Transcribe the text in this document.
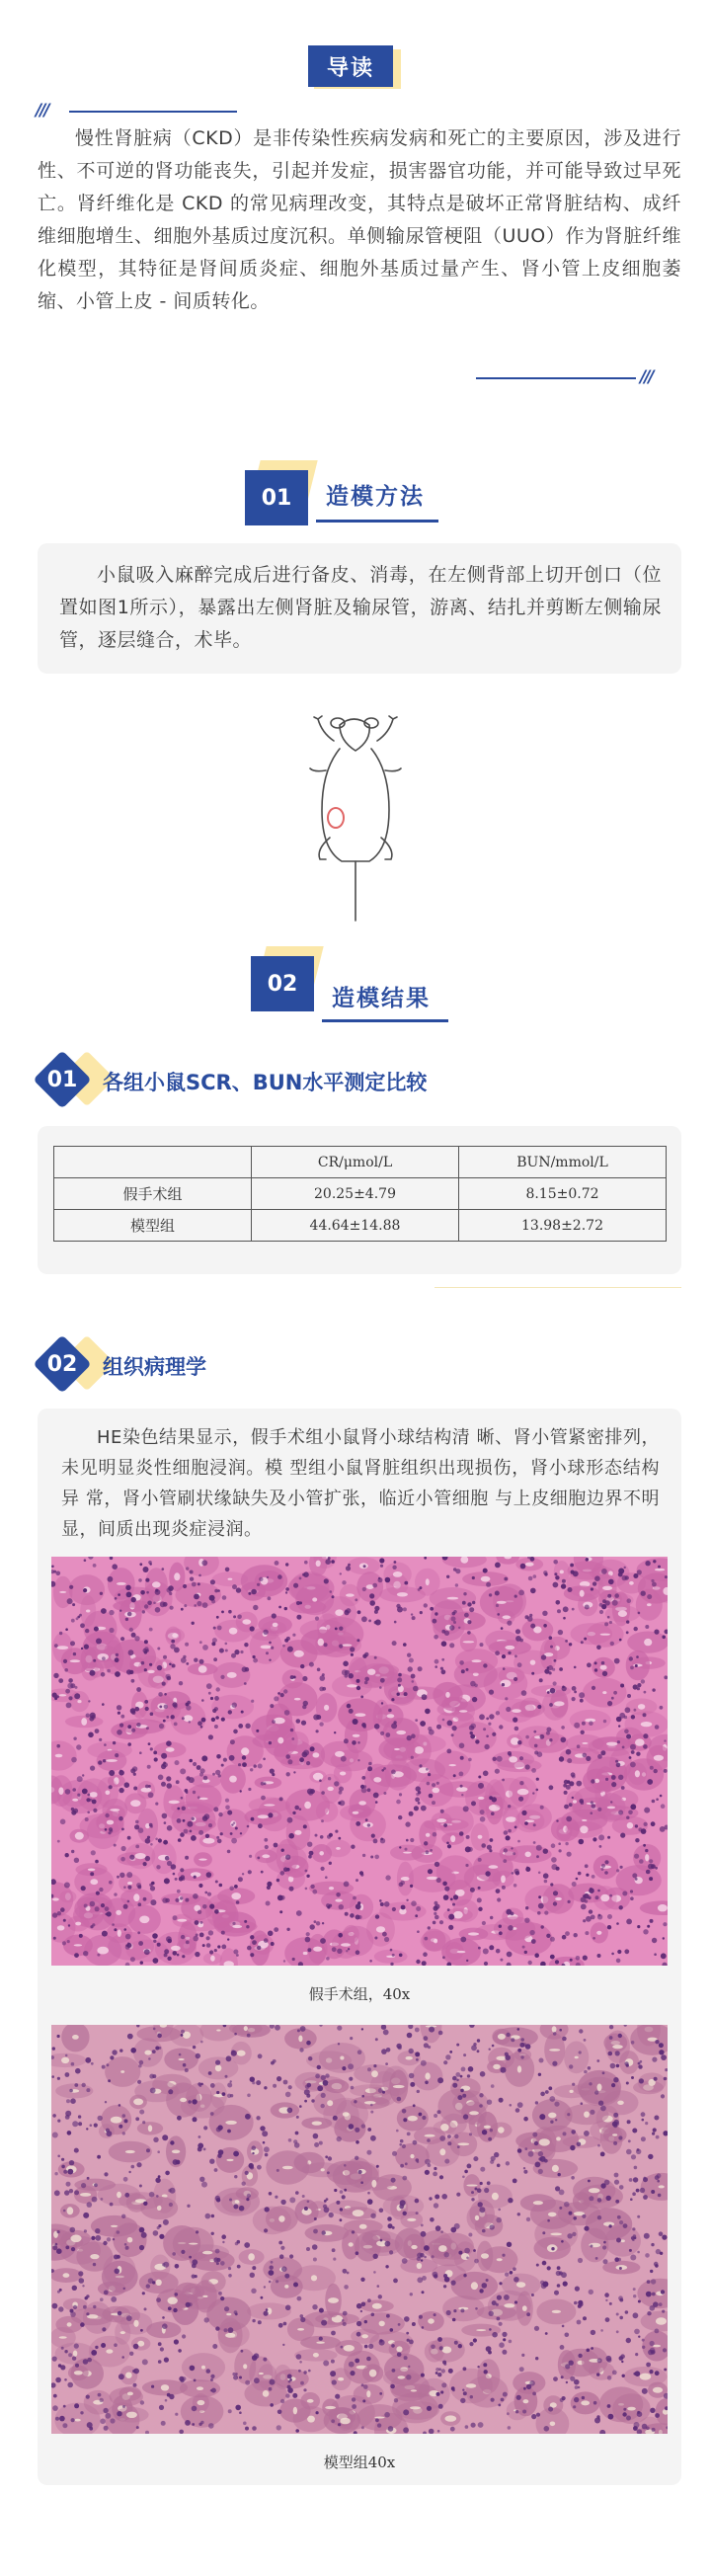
导读
///
慢性肾脏病（CKD）是非传染性疾病发病和死亡的主要原因，涉及进行性、不可逆的肾功能丧失，引起并发症，损害器官功能，并可能导致过早死亡。肾纤维化是 CKD 的常见病理改变，其特点是破坏正常肾脏结构、成纤维细胞增生、细胞外基质过度沉积。单侧输尿管梗阻（UUO）作为肾脏纤维化模型，其特征是肾间质炎症、细胞外基质过量产生、肾小管上皮细胞萎缩、小管上皮 - 间质转化。
///
01	造模方法
小鼠吸入麻醉完成后进行备皮、消毒，在左侧背部上切开创口（位置如图1所示），暴露出左侧肾脏及输尿管，游离、结扎并剪断左侧输尿管，逐层缝合，术毕。
02
造模结果
01	各组小鼠SCR、BUN水平测定比较
	CR/μmol/L	BUN/mmol/L
假手术组	20.25±4.79	8.15±0.72
模型组	44.64±14.88	13.98±2.72
02	组织病理学
HE染色结果显示，假手术组小鼠肾小球结构清 晰、肾小管紧密排列，未见明显炎性细胞浸润。模 型组小鼠肾脏组织出现损伤，肾小球形态结构异 常，肾小管刷状缘缺失及小管扩张，临近小管细胞 与上皮细胞边界不明显，间质出现炎症浸润。
假手术组，40x
模型组40x
